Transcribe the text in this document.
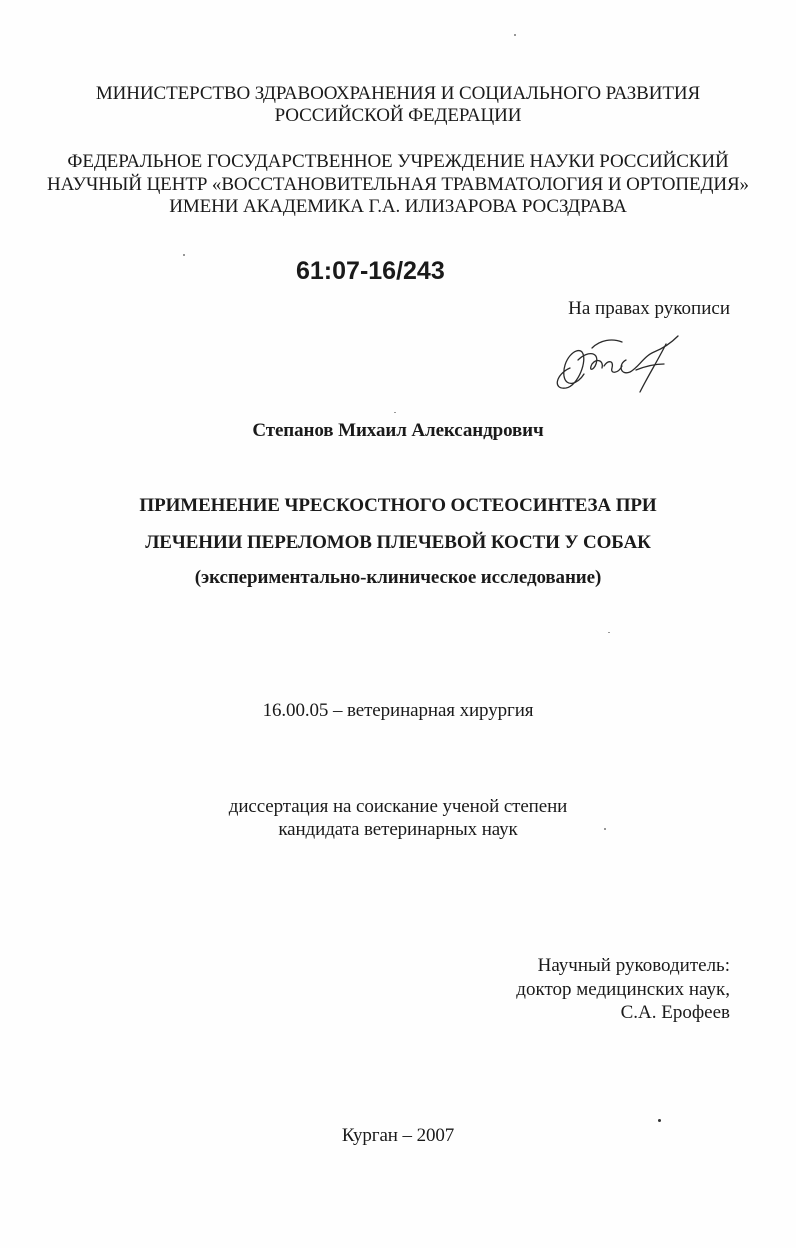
МИНИСТЕРСТВО ЗДРАВООХРАНЕНИЯ И СОЦИАЛЬНОГО РАЗВИТИЯ
РОССИЙСКОЙ ФЕДЕРАЦИИ
ФЕДЕРАЛЬНОЕ ГОСУДАРСТВЕННОЕ УЧРЕЖДЕНИЕ НАУКИ РОССИЙСКИЙ
НАУЧНЫЙ ЦЕНТР «ВОССТАНОВИТЕЛЬНАЯ ТРАВМАТОЛОГИЯ И ОРТОПЕДИЯ»
ИМЕНИ АКАДЕМИКА Г.А. ИЛИЗАРОВА РОСЗДРАВА
61:07-16/243
На правах рукописи
Степанов Михаил Александрович
ПРИМЕНЕНИЕ ЧРЕСКОСТНОГО ОСТЕОСИНТЕЗА ПРИ
ЛЕЧЕНИИ ПЕРЕЛОМОВ ПЛЕЧЕВОЙ КОСТИ У СОБАК
(экспериментально-клиническое исследование)
16.00.05 – ветеринарная хирургия
диссертация на соискание ученой степени
кандидата ветеринарных наук
Научный руководитель:
доктор медицинских наук,
С.А. Ерофеев
Курган – 2007
